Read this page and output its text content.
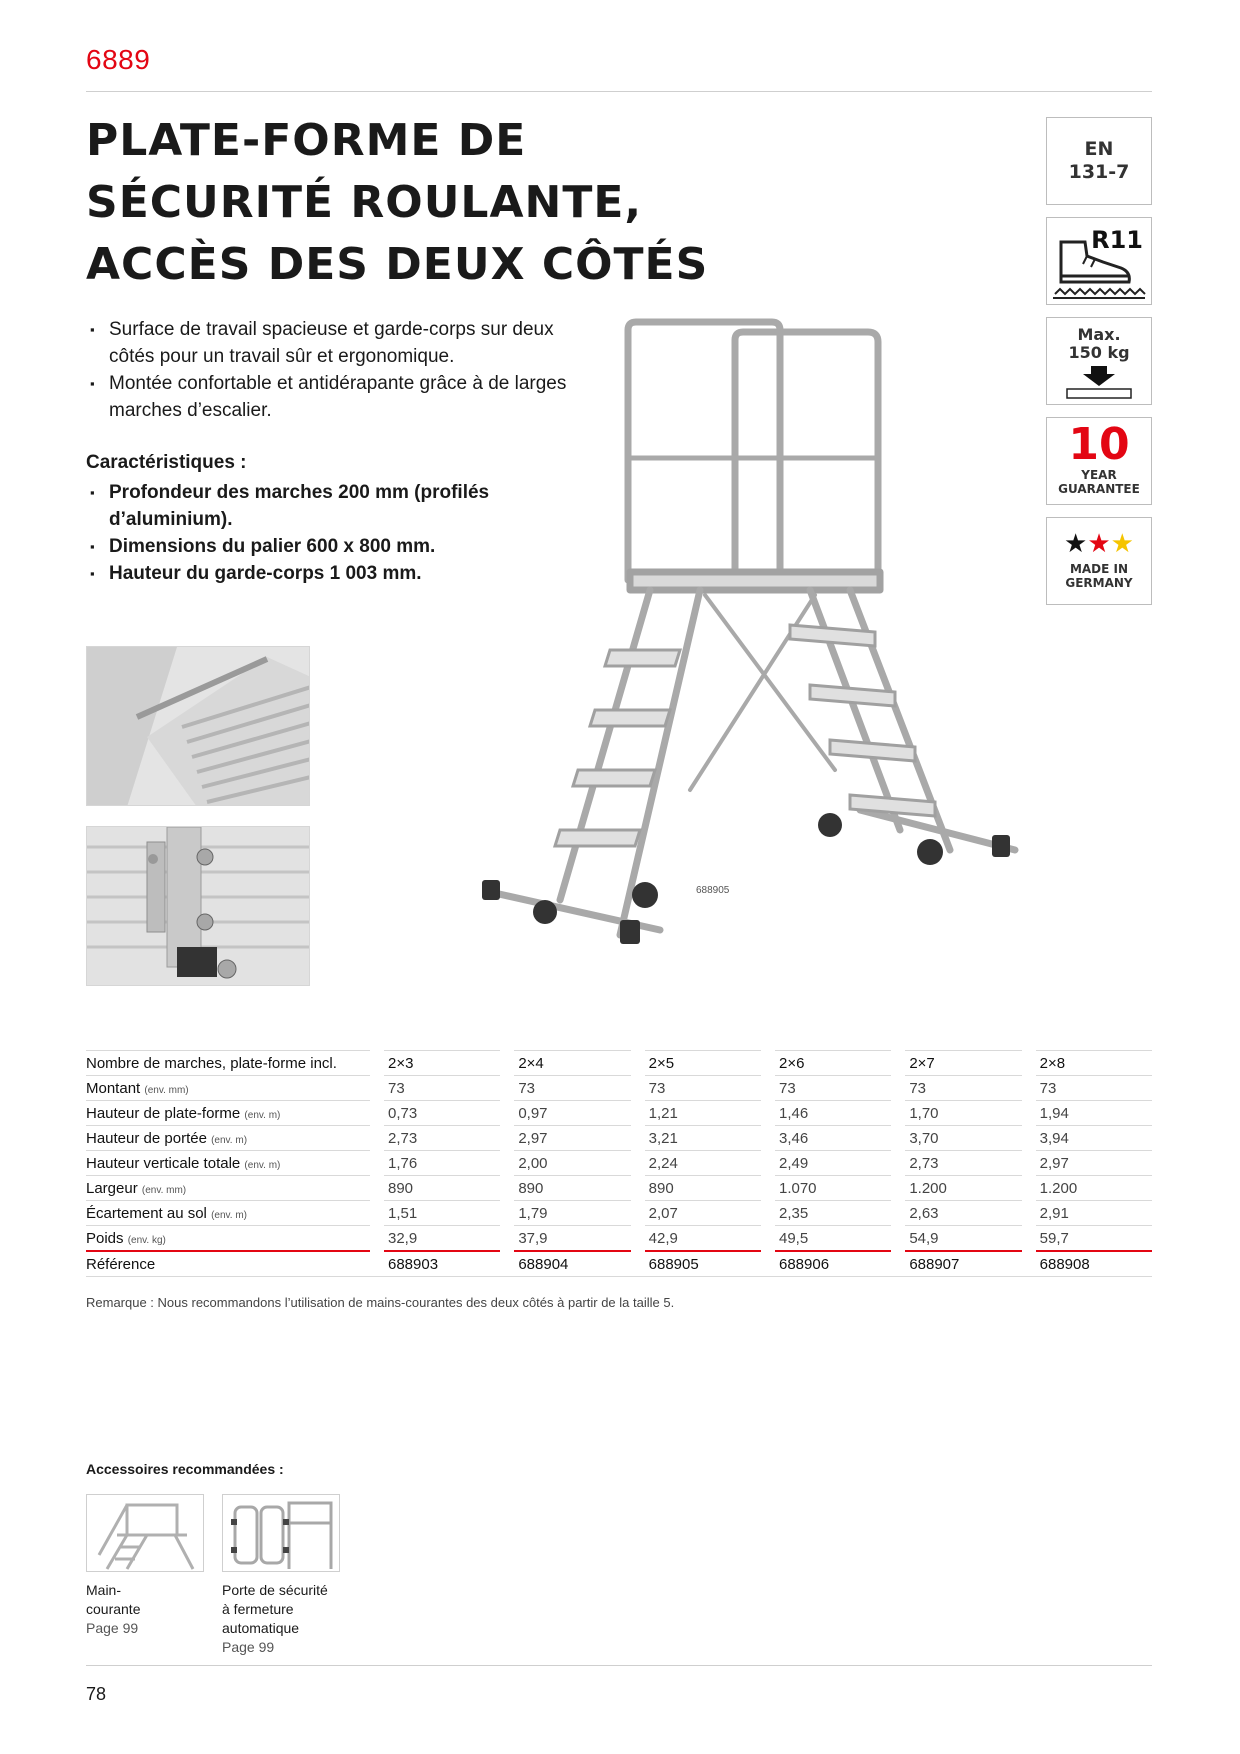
6889
PLATE-FORME DE
SÉCURITÉ ROULANTE,
ACCÈS DES DEUX CÔTÉS
▪ Surface de travail spacieuse et garde-corps sur deux côtés pour un travail sûr et ergonomique.
▪ Montée confortable et antidérapante grâce à de larges marches d’escalier.
Caractéristiques :
▪ Profondeur des marches 200 mm (profilés d’aluminium).
▪ Dimensions du palier 600 x 800 mm.
▪ Hauteur du garde-corps 1 003 mm.
EN
131-7
R11
Max.
150 kg
10
YEAR
GUARANTEE
★★★
MADE IN
GERMANY
688905
Nombre de marches, plate-forme incl.		2×3		2×4		2×5		2×6		2×7		2×8
Montant (env. mm)		73		73		73		73		73		73
Hauteur de plate-forme (env. m)		0,73		0,97		1,21		1,46		1,70		1,94
Hauteur de portée (env. m)		2,73		2,97		3,21		3,46		3,70		3,94
Hauteur verticale totale (env. m)		1,76		2,00		2,24		2,49		2,73		2,97
Largeur (env. mm)		890		890		890		1.070		1.200		1.200
Écartement au sol (env. m)		1,51		1,79		2,07		2,35		2,63		2,91
Poids (env. kg)		32,9		37,9		42,9		49,5		54,9		59,7
Référence		688903		688904		688905		688906		688907		688908
Remarque : Nous recommandons l’utilisation de mains-courantes des deux côtés à partir de la taille 5.
Accessoires recommandées :
Main-
courante
Page 99
Porte de sécurité
à fermeture
automatique
Page 99
78
